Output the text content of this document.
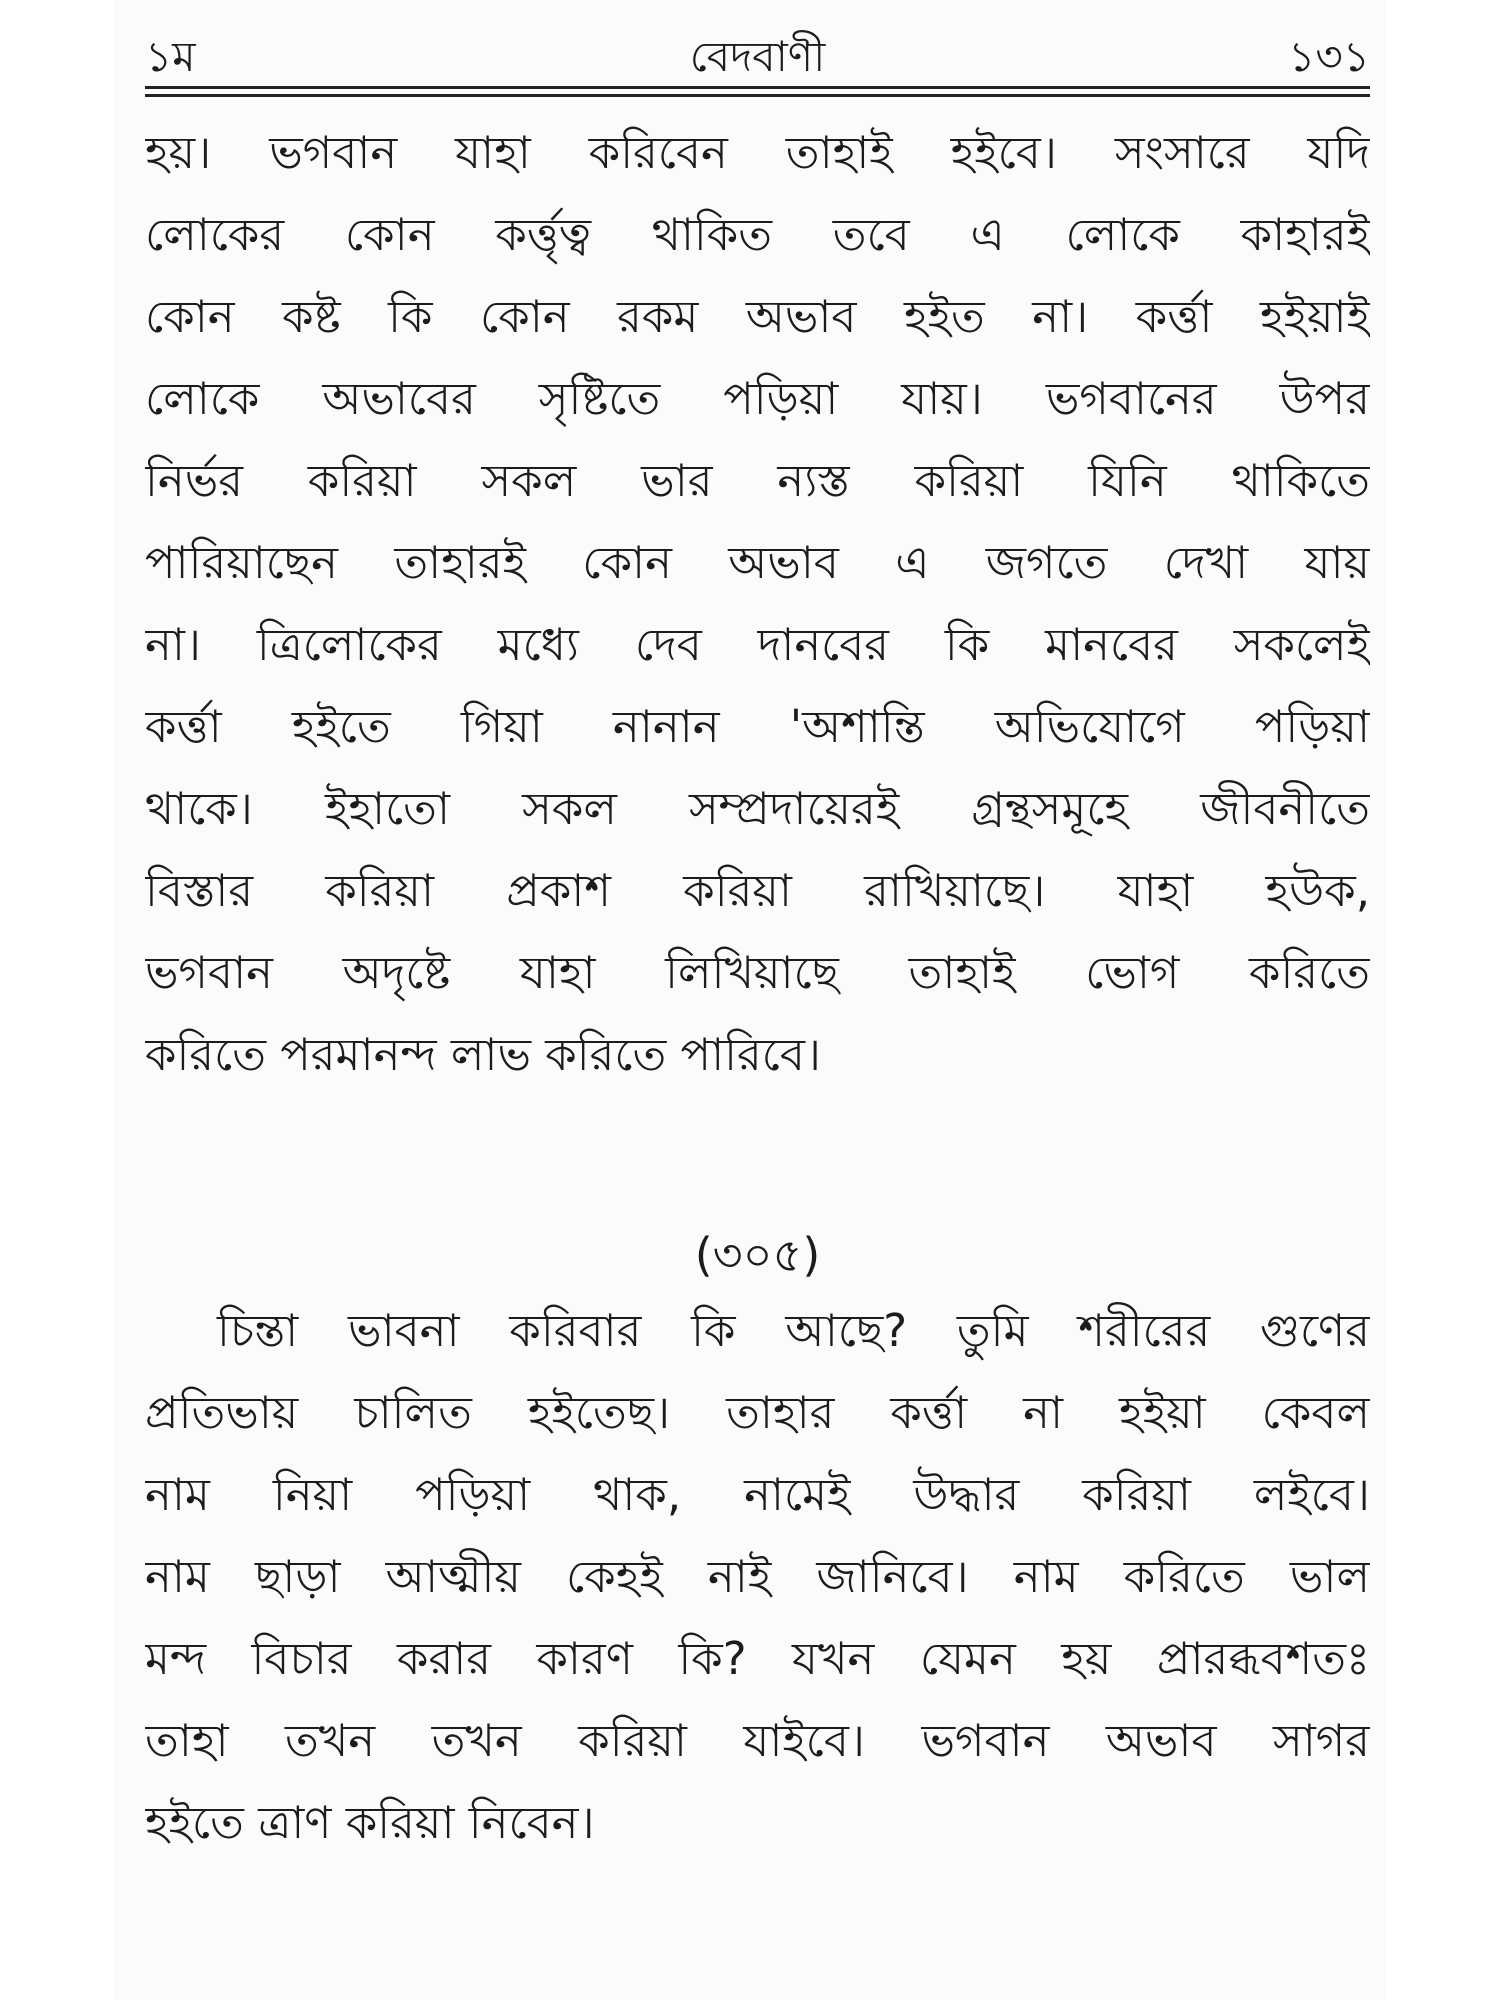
১ম	বেদবাণী	১৩১
হয়। ভগবান যাহা করিবেন তাহাই হইবে। সংসারে যদি
লোকের কোন কর্ত্তৃত্ব থাকিত তবে এ লোকে কাহারই
কোন কষ্ট কি কোন রকম অভাব হইত না। কর্ত্তা হইয়াই
লোকে অভাবের সৃষ্টিতে পড়িয়া যায়। ভগবানের উপর
নির্ভর করিয়া সকল ভার ন্যস্ত করিয়া যিনি থাকিতে
পারিয়াছেন তাহারই কোন অভাব এ জগতে দেখা যায়
না। ত্রিলোকের মধ্যে দেব দানবের কি মানবের সকলেই
কর্ত্তা হইতে গিয়া নানান 'অশান্তি অভিযোগে পড়িয়া
থাকে। ইহাতো সকল সম্প্রদায়েরই গ্রন্থসমূহে জীবনীতে
বিস্তার করিয়া প্রকাশ করিয়া রাখিয়াছে। যাহা হউক,
ভগবান অদৃষ্টে যাহা লিখিয়াছে তাহাই ভোগ করিতে
করিতে পরমানন্দ লাভ করিতে পারিবে।
(৩০৫)
চিন্তা ভাবনা করিবার কি আছে? তুমি শরীরের গুণের
প্রতিভায় চালিত হইতেছ। তাহার কর্ত্তা না হইয়া কেবল
নাম নিয়া পড়িয়া থাক, নামেই উদ্ধার করিয়া লইবে।
নাম ছাড়া আত্মীয় কেহই নাই জানিবে। নাম করিতে ভাল
মন্দ বিচার করার কারণ কি? যখন যেমন হয় প্রারব্ধবশতঃ
তাহা তখন তখন করিয়া যাইবে। ভগবান অভাব সাগর
হইতে ত্রাণ করিয়া নিবেন।
